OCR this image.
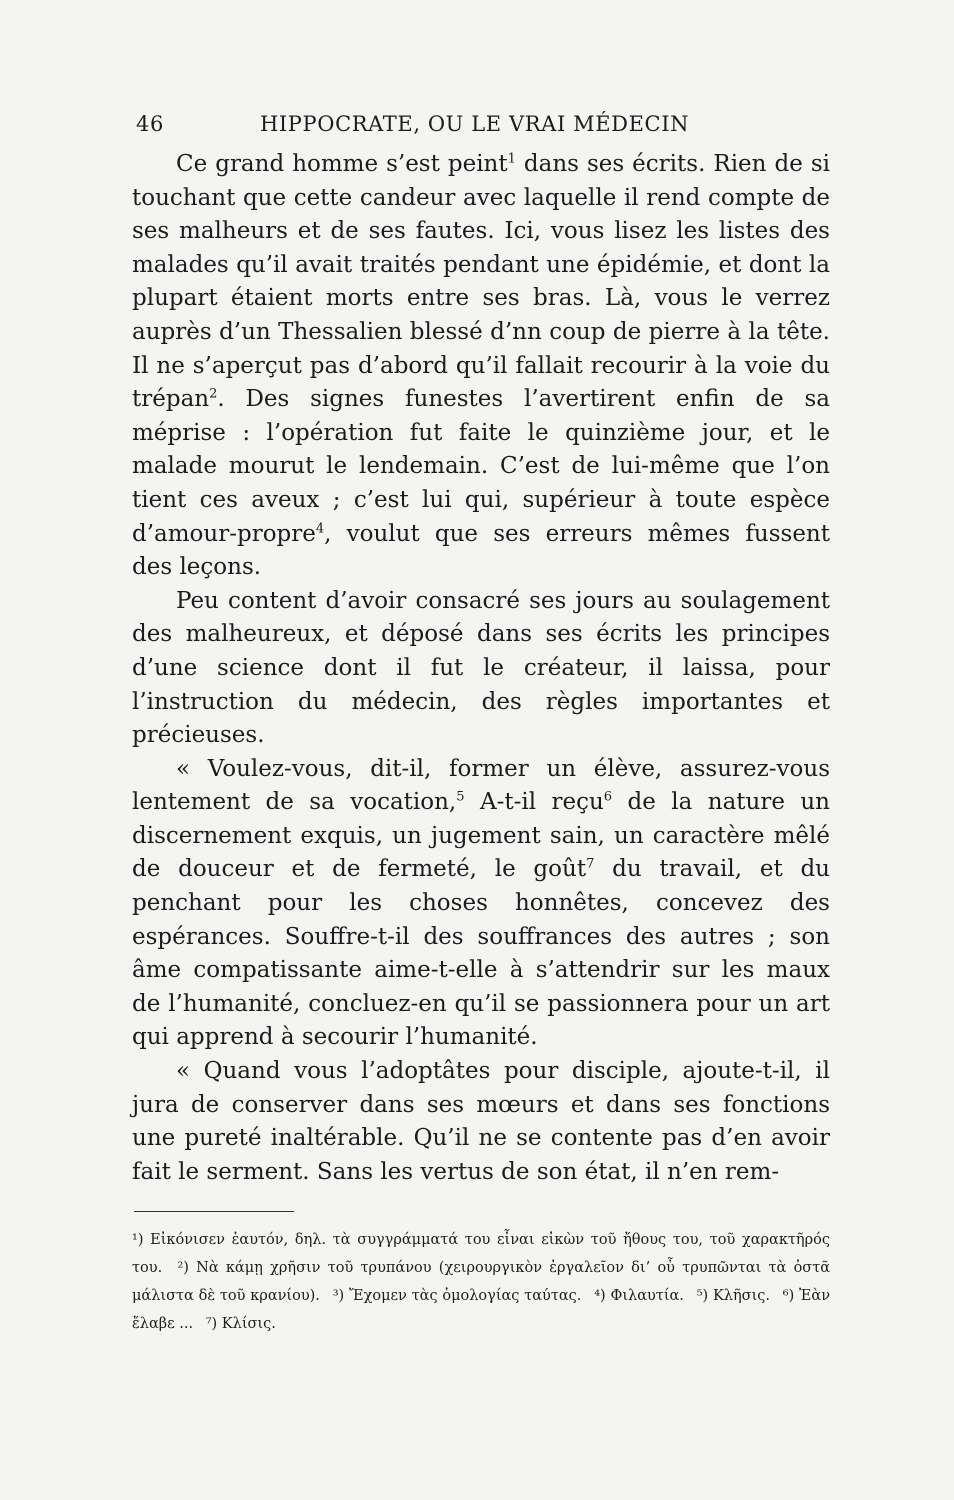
46	HIPPOCRATE, OU LE VRAI MÉDECIN

Ce grand homme s’est peint$^1$ dans ses écrits. Rien de si touchant que cette candeur avec laquelle il rend compte de ses malheurs et de ses fautes. Ici, vous lisez les listes des malades qu’il avait traités pendant une épidémie, et dont la plupart étaient morts entre ses bras. Là, vous le verrez auprès d’un Thessalien blessé d’nn coup de pierre à la tête. Il ne s’aperçut pas d’abord qu’il fallait recourir à la voie du trépan$^2$. Des signes funestes l’avertirent enfin de sa méprise : l’opération fut faite le quinzième jour, et le malade mourut le lendemain. C’est de lui-même que l’on tient ces aveux ; c’est lui qui, supérieur à toute espèce d’amour-propre$^4$, voulut que ses erreurs mêmes fussent des leçons.

Peu content d’avoir consacré ses jours au soulagement des malheureux, et déposé dans ses écrits les principes d’une science dont il fut le créateur, il laissa, pour l’instruction du médecin, des règles importantes et précieuses.

« Voulez-vous, dit-il, former un élève, assurez-vous lentement de sa vocation,$^5$ A-t-il reçu$^6$ de la nature un discernement exquis, un jugement sain, un caractère mêlé de douceur et de fermeté, le goût$^7$ du travail, et du penchant pour les choses honnêtes, concevez des espérances. Souffre-t-il des souffrances des autres ; son âme compatissante aime-t-elle à s’attendrir sur les maux de l’humanité, concluez-en qu’il se passionnera pour un art qui apprend à secourir l’humanité.

« Quand vous l’adoptâtes pour disciple, ajoute-t-il, il jura de conserver dans ses mœurs et dans ses fonctions une pureté inaltérable. Qu’il ne se contente pas d’en avoir fait le serment. Sans les vertus de son état, il n’en rem-

¹) Εἰκόνισεν ἑαυτόν, δηλ. τὰ συγγράμματά του εἶναι εἰκὼν τοῦ ἤθους του, τοῦ χαρακτῆρός του. ²) Νὰ κάμῃ χρῆσιν τοῦ τρυπάνου (χειρουργικὸν ἐργαλεῖον δι’ οὗ τρυπῶνται τὰ ὀστᾶ μάλιστα δὲ τοῦ κρανίου). ³) Ἔχομεν τὰς ὁμολογίας ταύτας. ⁴) Φιλαυτία. ⁵) Κλῆσις. ⁶) Ἐὰν ἔλαβε ... ⁷) Κλίσις.
